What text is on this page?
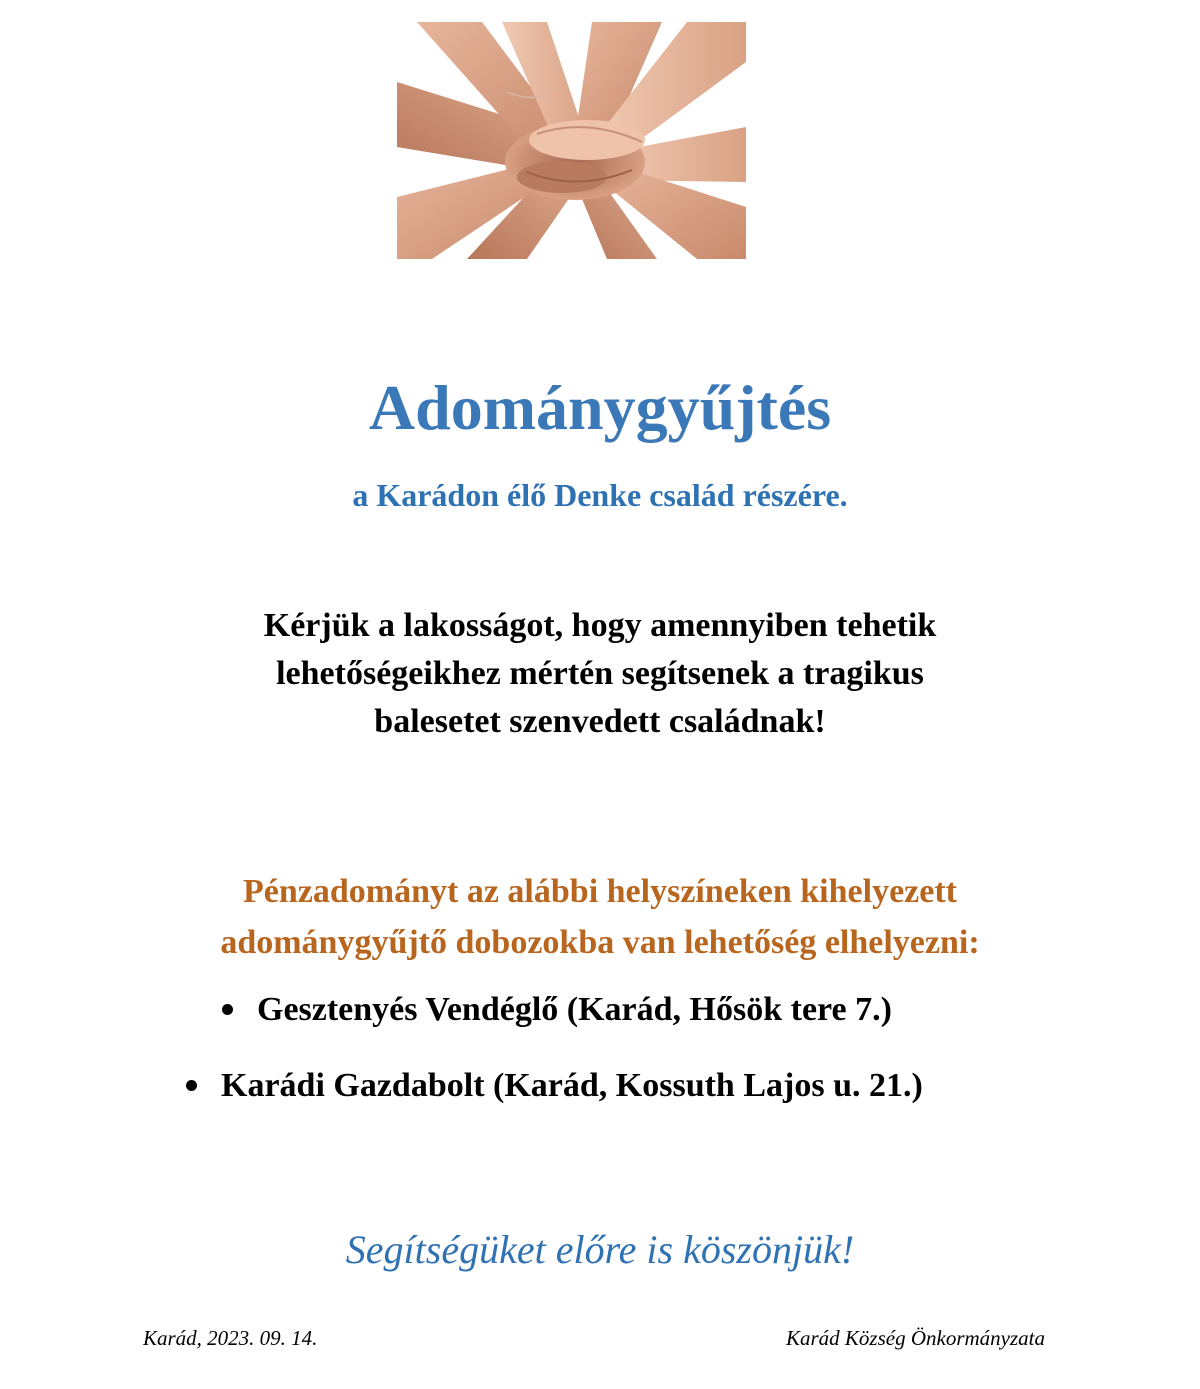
Adománygyűjtés
a Karádon élő Denke család részére.
Kérjük a lakosságot, hogy amennyiben tehetik
lehetőségeikhez mértén segítsenek a tragikus
balesetet szenvedett családnak!
Pénzadományt az alábbi helyszíneken kihelyezett
adománygyűjtő dobozokba van lehetőség elhelyezni:
Gesztenyés Vendéglő (Karád, Hősök tere 7.)
Karádi Gazdabolt (Karád, Kossuth Lajos u. 21.)
Segítségüket előre is köszönjük!
Karád, 2023. 09. 14.	Karád Község Önkormányzata
